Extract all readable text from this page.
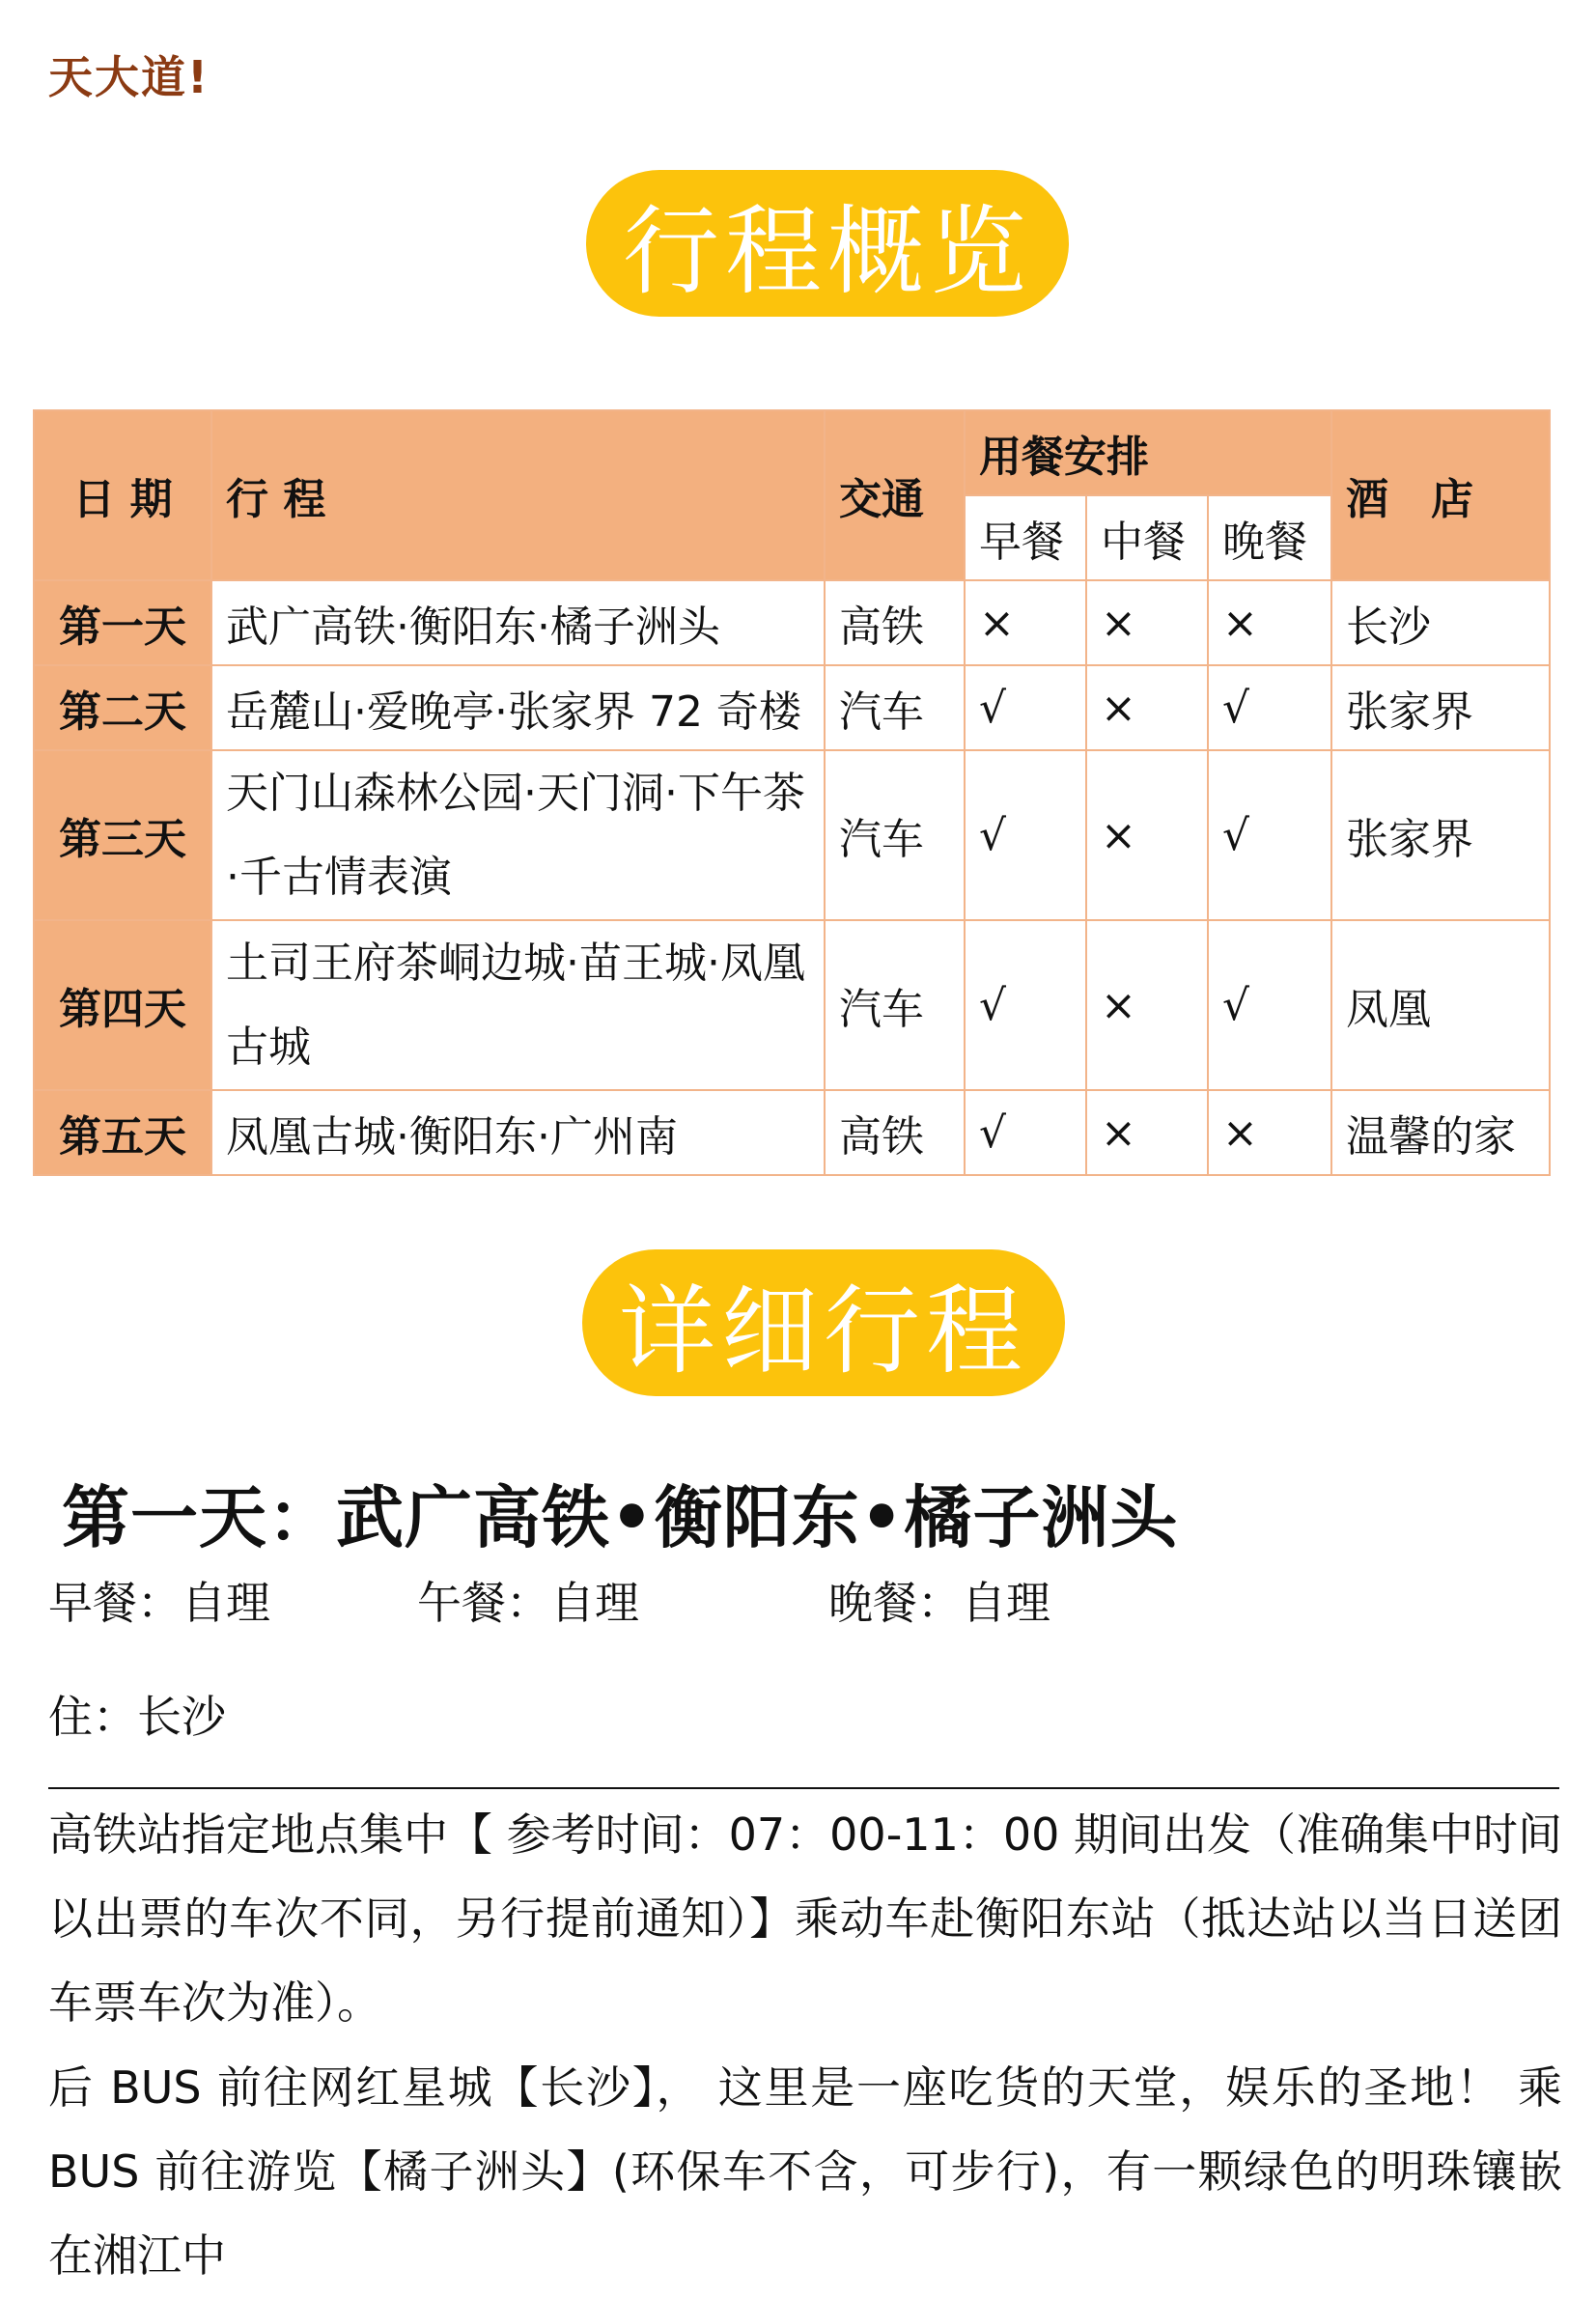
天大道!
行程概览
日 期	行 程	交通	用餐安排			酒　店
			早餐	中餐	晚餐	
第一天	武广高铁·衡阳东·橘子洲头	高铁	×	×	×	长沙
第二天	岳麓山·爱晚亭·张家界 72 奇楼	汽车	√	×	√	张家界
第三天	天门山森林公园·天门洞·下午茶·千古情表演	汽车	√	×	√	张家界
第四天	土司王府茶峒边城·苗王城·凤凰古城	汽车	√	×	√	凤凰
第五天	凤凰古城·衡阳东·广州南	高铁	√	×	×	温馨的家
详细行程
第一天：武广高铁•衡阳东•橘子洲头
早餐：自理	午餐：自理	晚餐：自理
住：长沙

高铁站指定地点集中【 参考时间：07：00-11：00 期间出发（准确集中时间以出票的车次不同，另行提前通知）】乘动车赴衡阳东站（抵达站以当日送团车票车次为准）。

后 BUS 前往网红星城【长沙】， 这里是一座吃货的天堂，娱乐的圣地！ 乘 BUS 前往游览【橘子洲头】(环保车不含，可步行)，有一颗绿色的明珠镶嵌在湘江中
